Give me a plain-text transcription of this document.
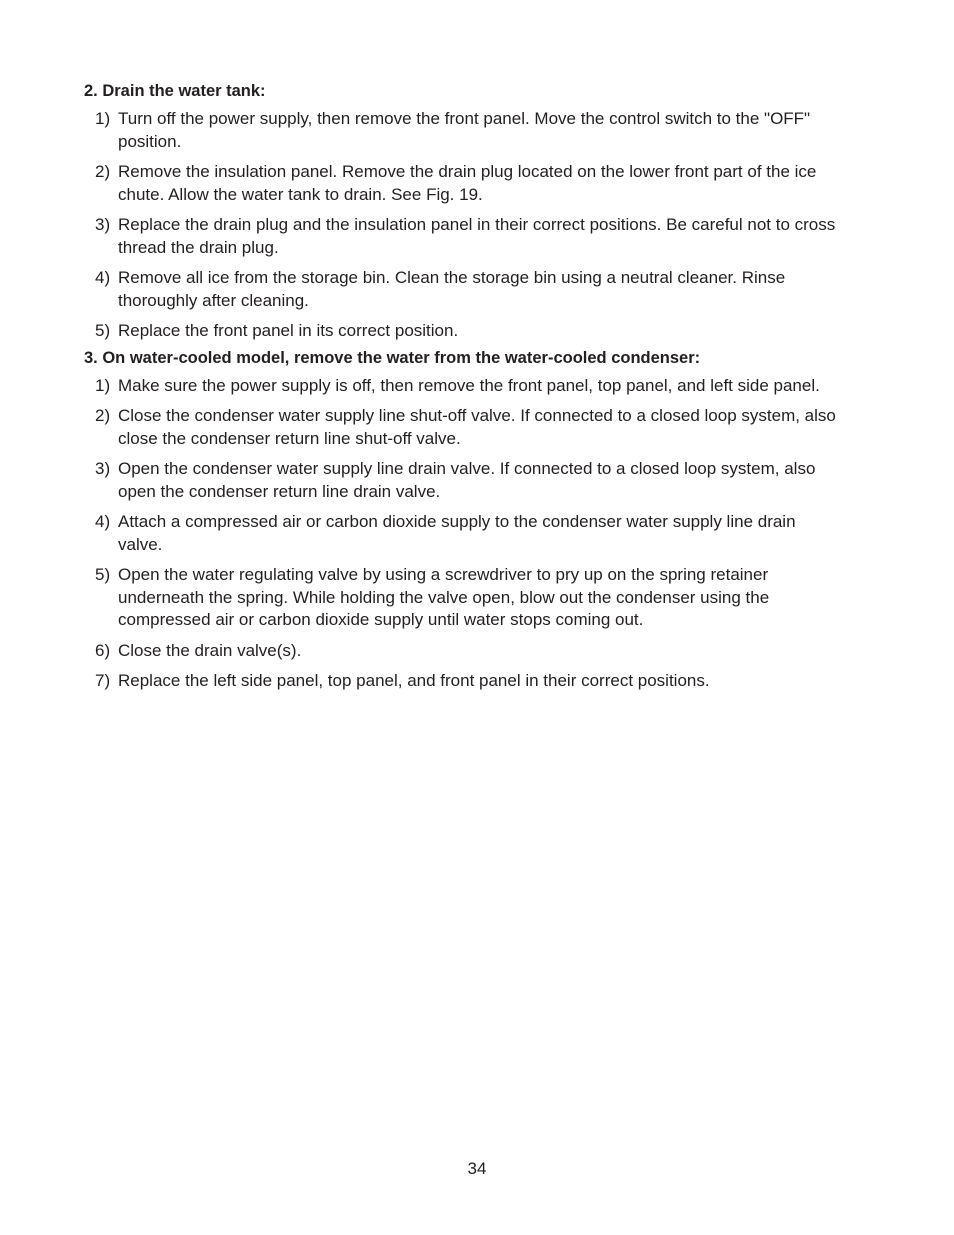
2. Drain the water tank:
1) Turn off the power supply, then remove the front panel. Move the control switch to the "OFF" position.
2) Remove the insulation panel. Remove the drain plug located on the lower front part of the ice chute. Allow the water tank to drain. See Fig. 19.
3) Replace the drain plug and the insulation panel in their correct positions. Be careful not to cross thread the drain plug.
4) Remove all ice from the storage bin. Clean the storage bin using a neutral cleaner. Rinse thoroughly after cleaning.
5) Replace the front panel in its correct position.
3. On water-cooled model, remove the water from the water-cooled condenser:
1) Make sure the power supply is off, then remove the front panel, top panel, and left side panel.
2) Close the condenser water supply line shut-off valve. If connected to a closed loop system, also close the condenser return line shut-off valve.
3) Open the condenser water supply line drain valve. If connected to a closed loop system, also open the condenser return line drain valve.
4) Attach a compressed air or carbon dioxide supply to the condenser water supply line drain valve.
5) Open the water regulating valve by using a screwdriver to pry up on the spring retainer underneath the spring. While holding the valve open, blow out the condenser using the compressed air or carbon dioxide supply until water stops coming out.
6) Close the drain valve(s).
7) Replace the left side panel, top panel, and front panel in their correct positions.
34
